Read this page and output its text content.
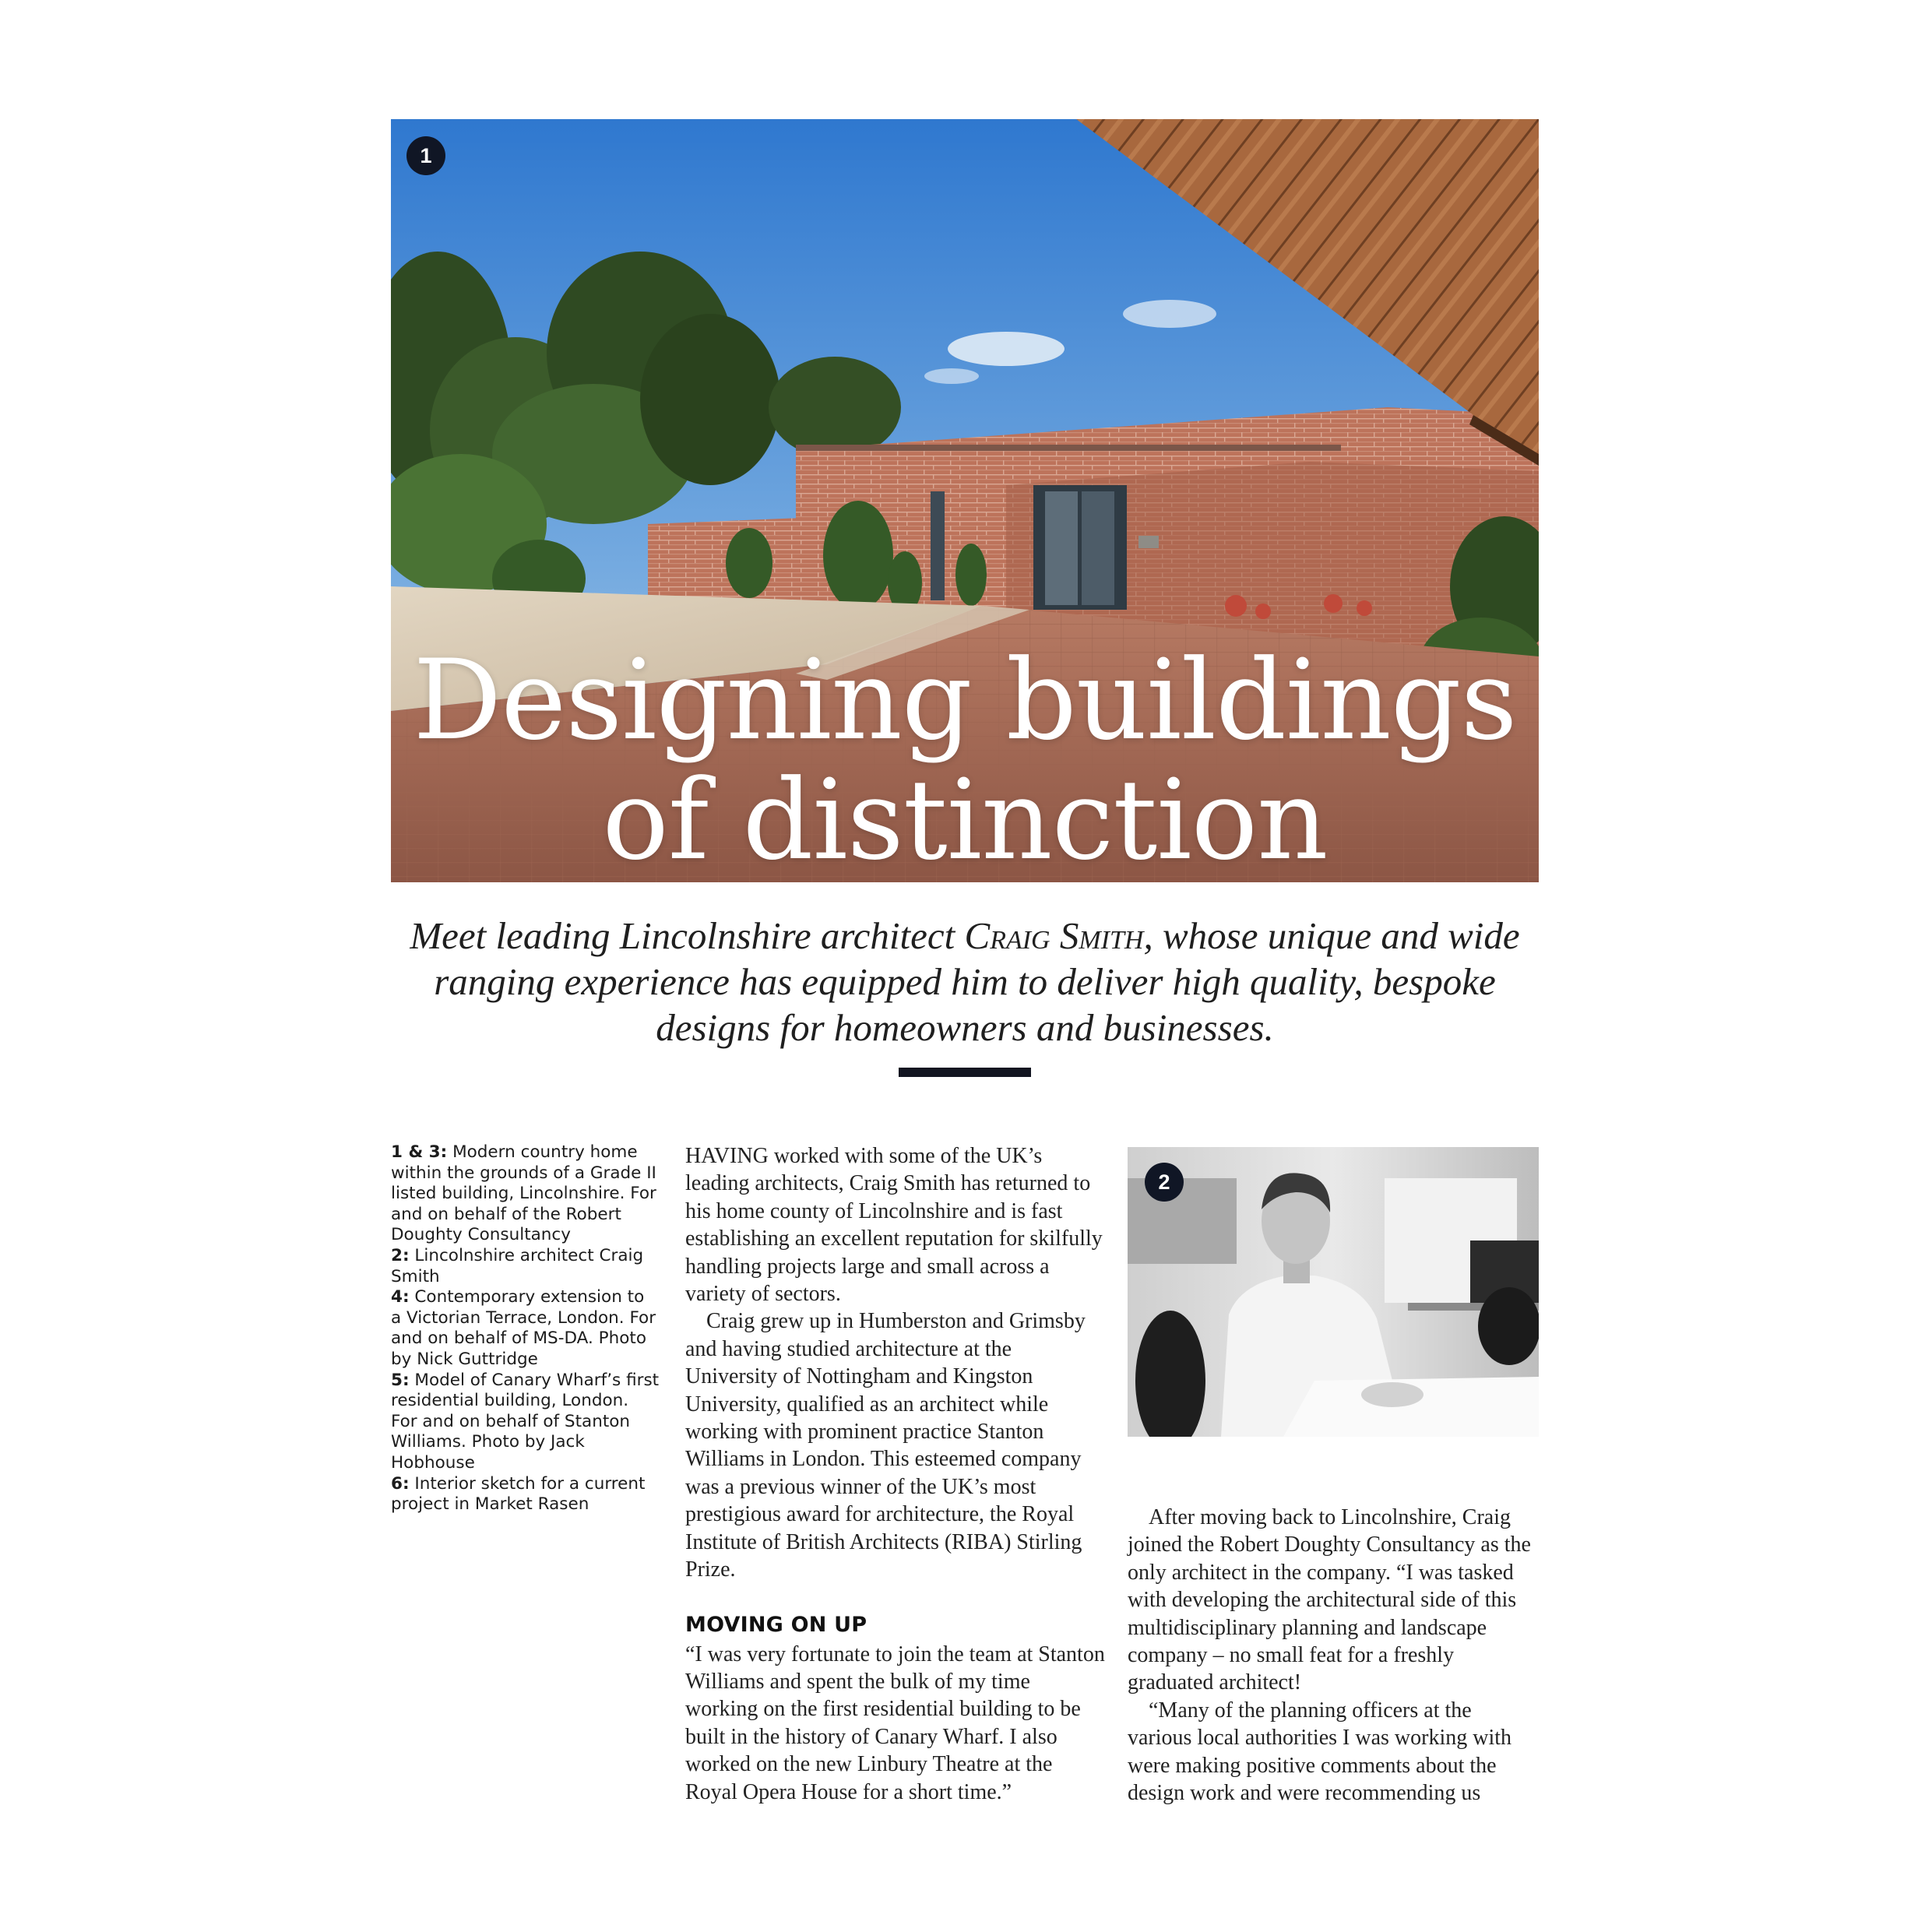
1
Designing buildings
of distinction
Meet leading Lincolnshire architect Craig Smith, whose unique and wide ranging experience has equipped him to deliver high quality, bespoke designs for homeowners and businesses.
1 & 3: Modern country home within the grounds of a Grade II listed building, Lincolnshire. For and on behalf of the Robert Doughty Consultancy
2: Lincolnshire architect Craig Smith
4: Contemporary extension to a Victorian Terrace, London. For and on behalf of MS-DA. Photo by Nick Guttridge
5: Model of Canary Wharf’s first residential building, London. For and on behalf of Stanton Williams. Photo by Jack Hobhouse
6: Interior sketch for a current project in Market Rasen

HAVING worked with some of the UK’s leading architects, Craig Smith has returned to his home county of Lincolnshire and is fast establishing an excellent reputation for skilfully handling projects large and small across a variety of sectors.

Craig grew up in Humberston and Grimsby and having studied architecture at the University of Nottingham and Kingston University, qualified as an architect while working with prominent practice Stanton Williams in London. This esteemed company was a previous winner of the UK’s most prestigious award for architecture, the Royal Institute of British Architects (RIBA) Stirling Prize.

MOVING ON UP

“I was very fortunate to join the team at Stanton Williams and spent the bulk of my time working on the first residential building to be built in the history of Canary Wharf. I also worked on the new Linbury Theatre at the Royal Opera House for a short time.”

2

After moving back to Lincolnshire, Craig joined the Robert Doughty Consultancy as the only architect in the company. “I was tasked with developing the architectural side of this multidisciplinary planning and landscape company – no small feat for a freshly graduated architect!

“Many of the planning officers at the various local authorities I was working with were making positive comments about the design work and were recommending us
